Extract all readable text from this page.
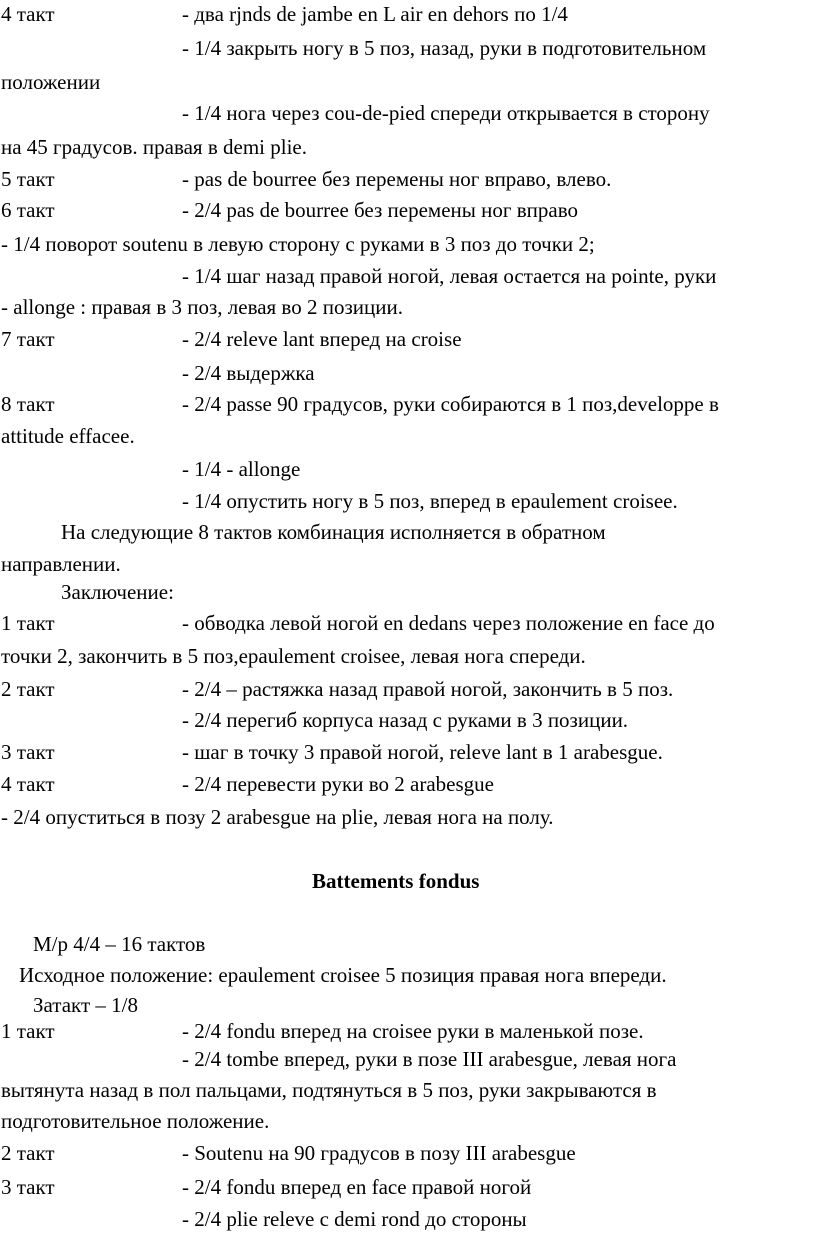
4 такт	- два rjnds de jambe en L air en dehors по 1/4
- 1/4 закрыть ногу в 5 поз, назад, руки в подготовительном
положении
- 1/4 нога через cou-de-pied спереди открывается в сторону
на 45 градусов. правая в demi plie.
5 такт	- pas de bourree без перемены ног вправо, влево.
6 такт	- 2/4 pas de bourree без перемены ног вправо
- 1/4 поворот soutenu в левую сторону с руками в 3 поз до точки 2;
- 1/4 шаг назад правой ногой, левая остается на pointe, руки
- allonge : правая в 3 поз, левая во 2 позиции.
7 такт	- 2/4 releve lant вперед на croise
- 2/4 выдержка
8 такт	- 2/4 passe 90 градусов, руки собираются в 1 поз,developpe в
attitude effacee.
- 1/4 - allonge
- 1/4 опустить ногу в 5 поз, вперед в epaulement croisee.
На следующие 8 тактов комбинация исполняется в обратном
направлении.
Заключение:
1 такт	- обводка левой ногой en dedans через положение en face до
точки 2, закончить в 5 поз,epaulement croisee, левая нога спереди.
2 такт	- 2/4 – растяжка назад правой ногой, закончить в 5 поз.
- 2/4 перегиб корпуса назад с руками в 3 позиции.
3 такт	- шаг в точку 3 правой ногой, releve lant в 1 arabesgue.
4 такт	- 2/4 перевести руки во 2 arabesgue
- 2/4 опуститься в позу 2 arabesgue на plie, левая нога на полу.
Battements fondus
М/р 4/4 – 16 тактов
Исходное положение: epaulement croisee 5 позиция правая нога впереди.
Затакт – 1/8
1 такт	- 2/4 fondu вперед на croisee руки в маленькой позе.
- 2/4 tombe вперед, руки в позе III arabesgue, левая нога
вытянута назад в пол пальцами, подтянуться в 5 поз, руки закрываются в
подготовительное положение.
2 такт	- Soutenu на 90 градусов в позу III arabesgue
3 такт	- 2/4 fondu вперед en face правой ногой
- 2/4 plie releve с demi rond до стороны
